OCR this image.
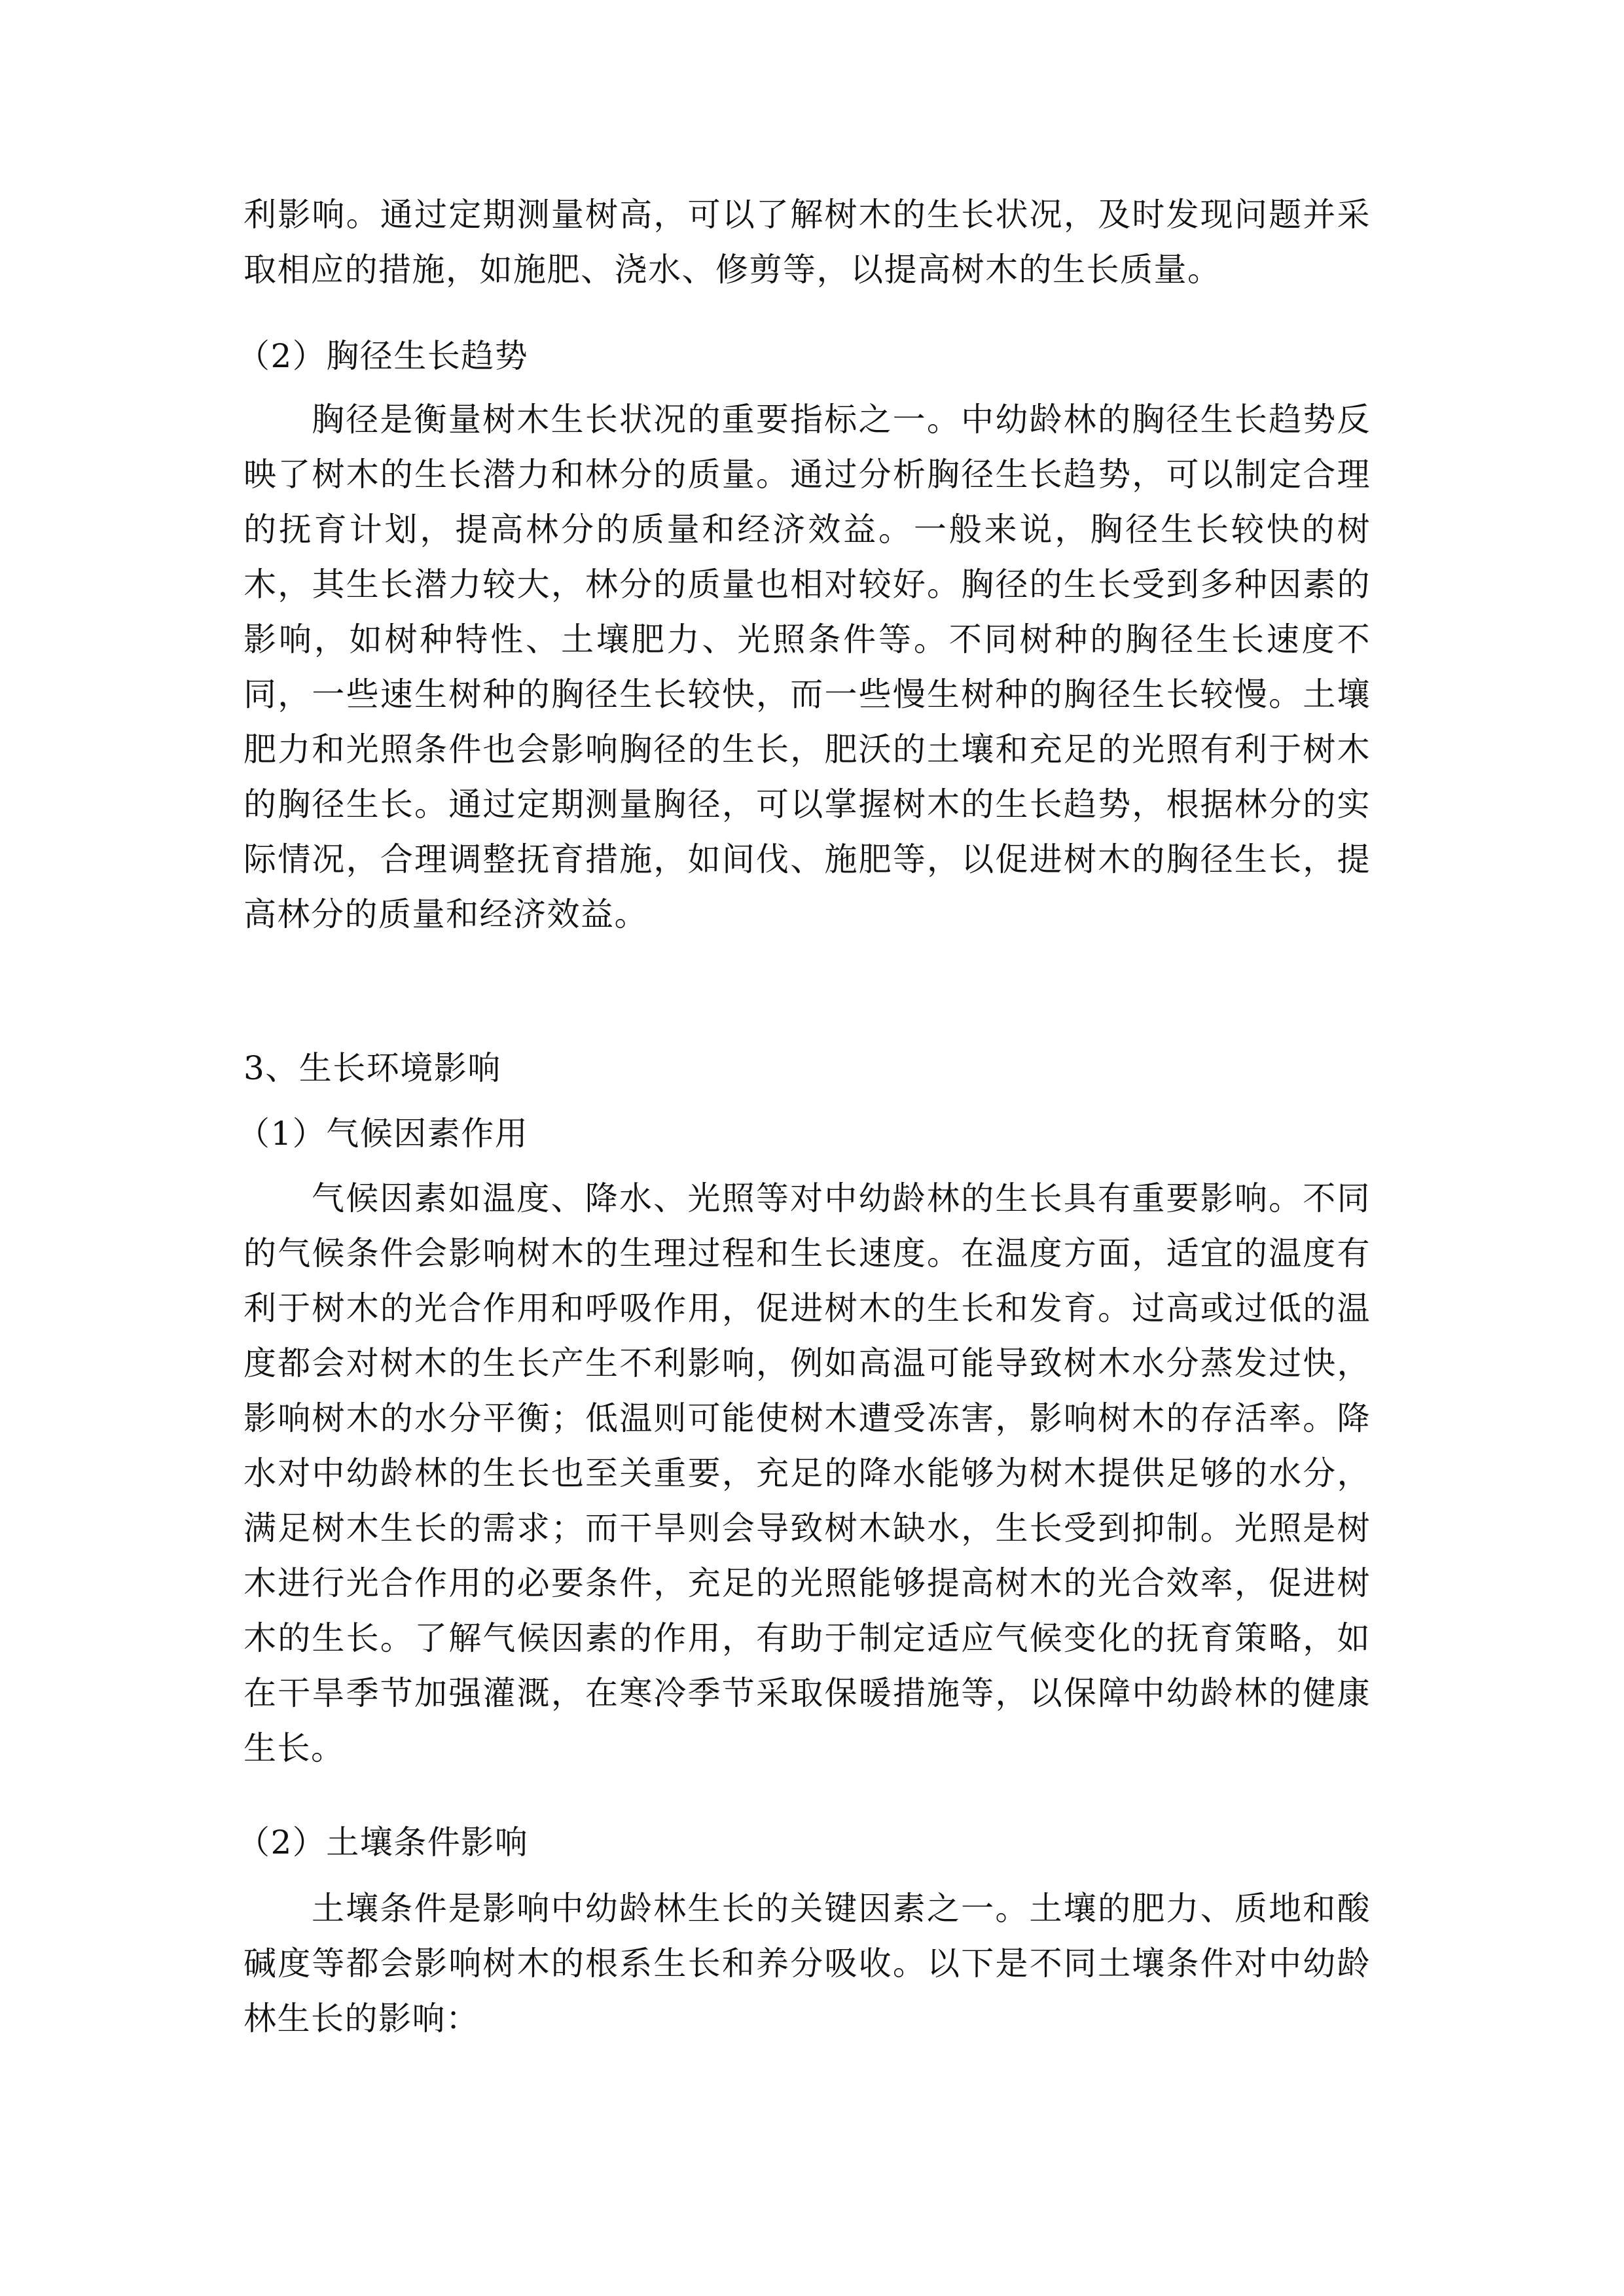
利影响。通过定期测量树高，可以了解树木的生长状况，及时发现问题并采取相应的措施，如施肥、浇水、修剪等，以提高树木的生长质量。

（2）胸径生长趋势

胸径是衡量树木生长状况的重要指标之一。中幼龄林的胸径生长趋势反映了树木的生长潜力和林分的质量。通过分析胸径生长趋势，可以制定合理的抚育计划，提高林分的质量和经济效益。一般来说，胸径生长较快的树木，其生长潜力较大，林分的质量也相对较好。胸径的生长受到多种因素的影响，如树种特性、土壤肥力、光照条件等。不同树种的胸径生长速度不同，一些速生树种的胸径生长较快，而一些慢生树种的胸径生长较慢。土壤肥力和光照条件也会影响胸径的生长，肥沃的土壤和充足的光照有利于树木的胸径生长。通过定期测量胸径，可以掌握树木的生长趋势，根据林分的实际情况，合理调整抚育措施，如间伐、施肥等，以促进树木的胸径生长，提高林分的质量和经济效益。

3、生长环境影响

（1）气候因素作用

气候因素如温度、降水、光照等对中幼龄林的生长具有重要影响。不同的气候条件会影响树木的生理过程和生长速度。在温度方面，适宜的温度有利于树木的光合作用和呼吸作用，促进树木的生长和发育。过高或过低的温度都会对树木的生长产生不利影响，例如高温可能导致树木水分蒸发过快，影响树木的水分平衡；低温则可能使树木遭受冻害，影响树木的存活率。降水对中幼龄林的生长也至关重要，充足的降水能够为树木提供足够的水分，满足树木生长的需求；而干旱则会导致树木缺水，生长受到抑制。光照是树木进行光合作用的必要条件，充足的光照能够提高树木的光合效率，促进树木的生长。了解气候因素的作用，有助于制定适应气候变化的抚育策略，如在干旱季节加强灌溉，在寒冷季节采取保暖措施等，以保障中幼龄林的健康生长。

（2）土壤条件影响

土壤条件是影响中幼龄林生长的关键因素之一。土壤的肥力、质地和酸碱度等都会影响树木的根系生长和养分吸收。以下是不同土壤条件对中幼龄林生长的影响：
